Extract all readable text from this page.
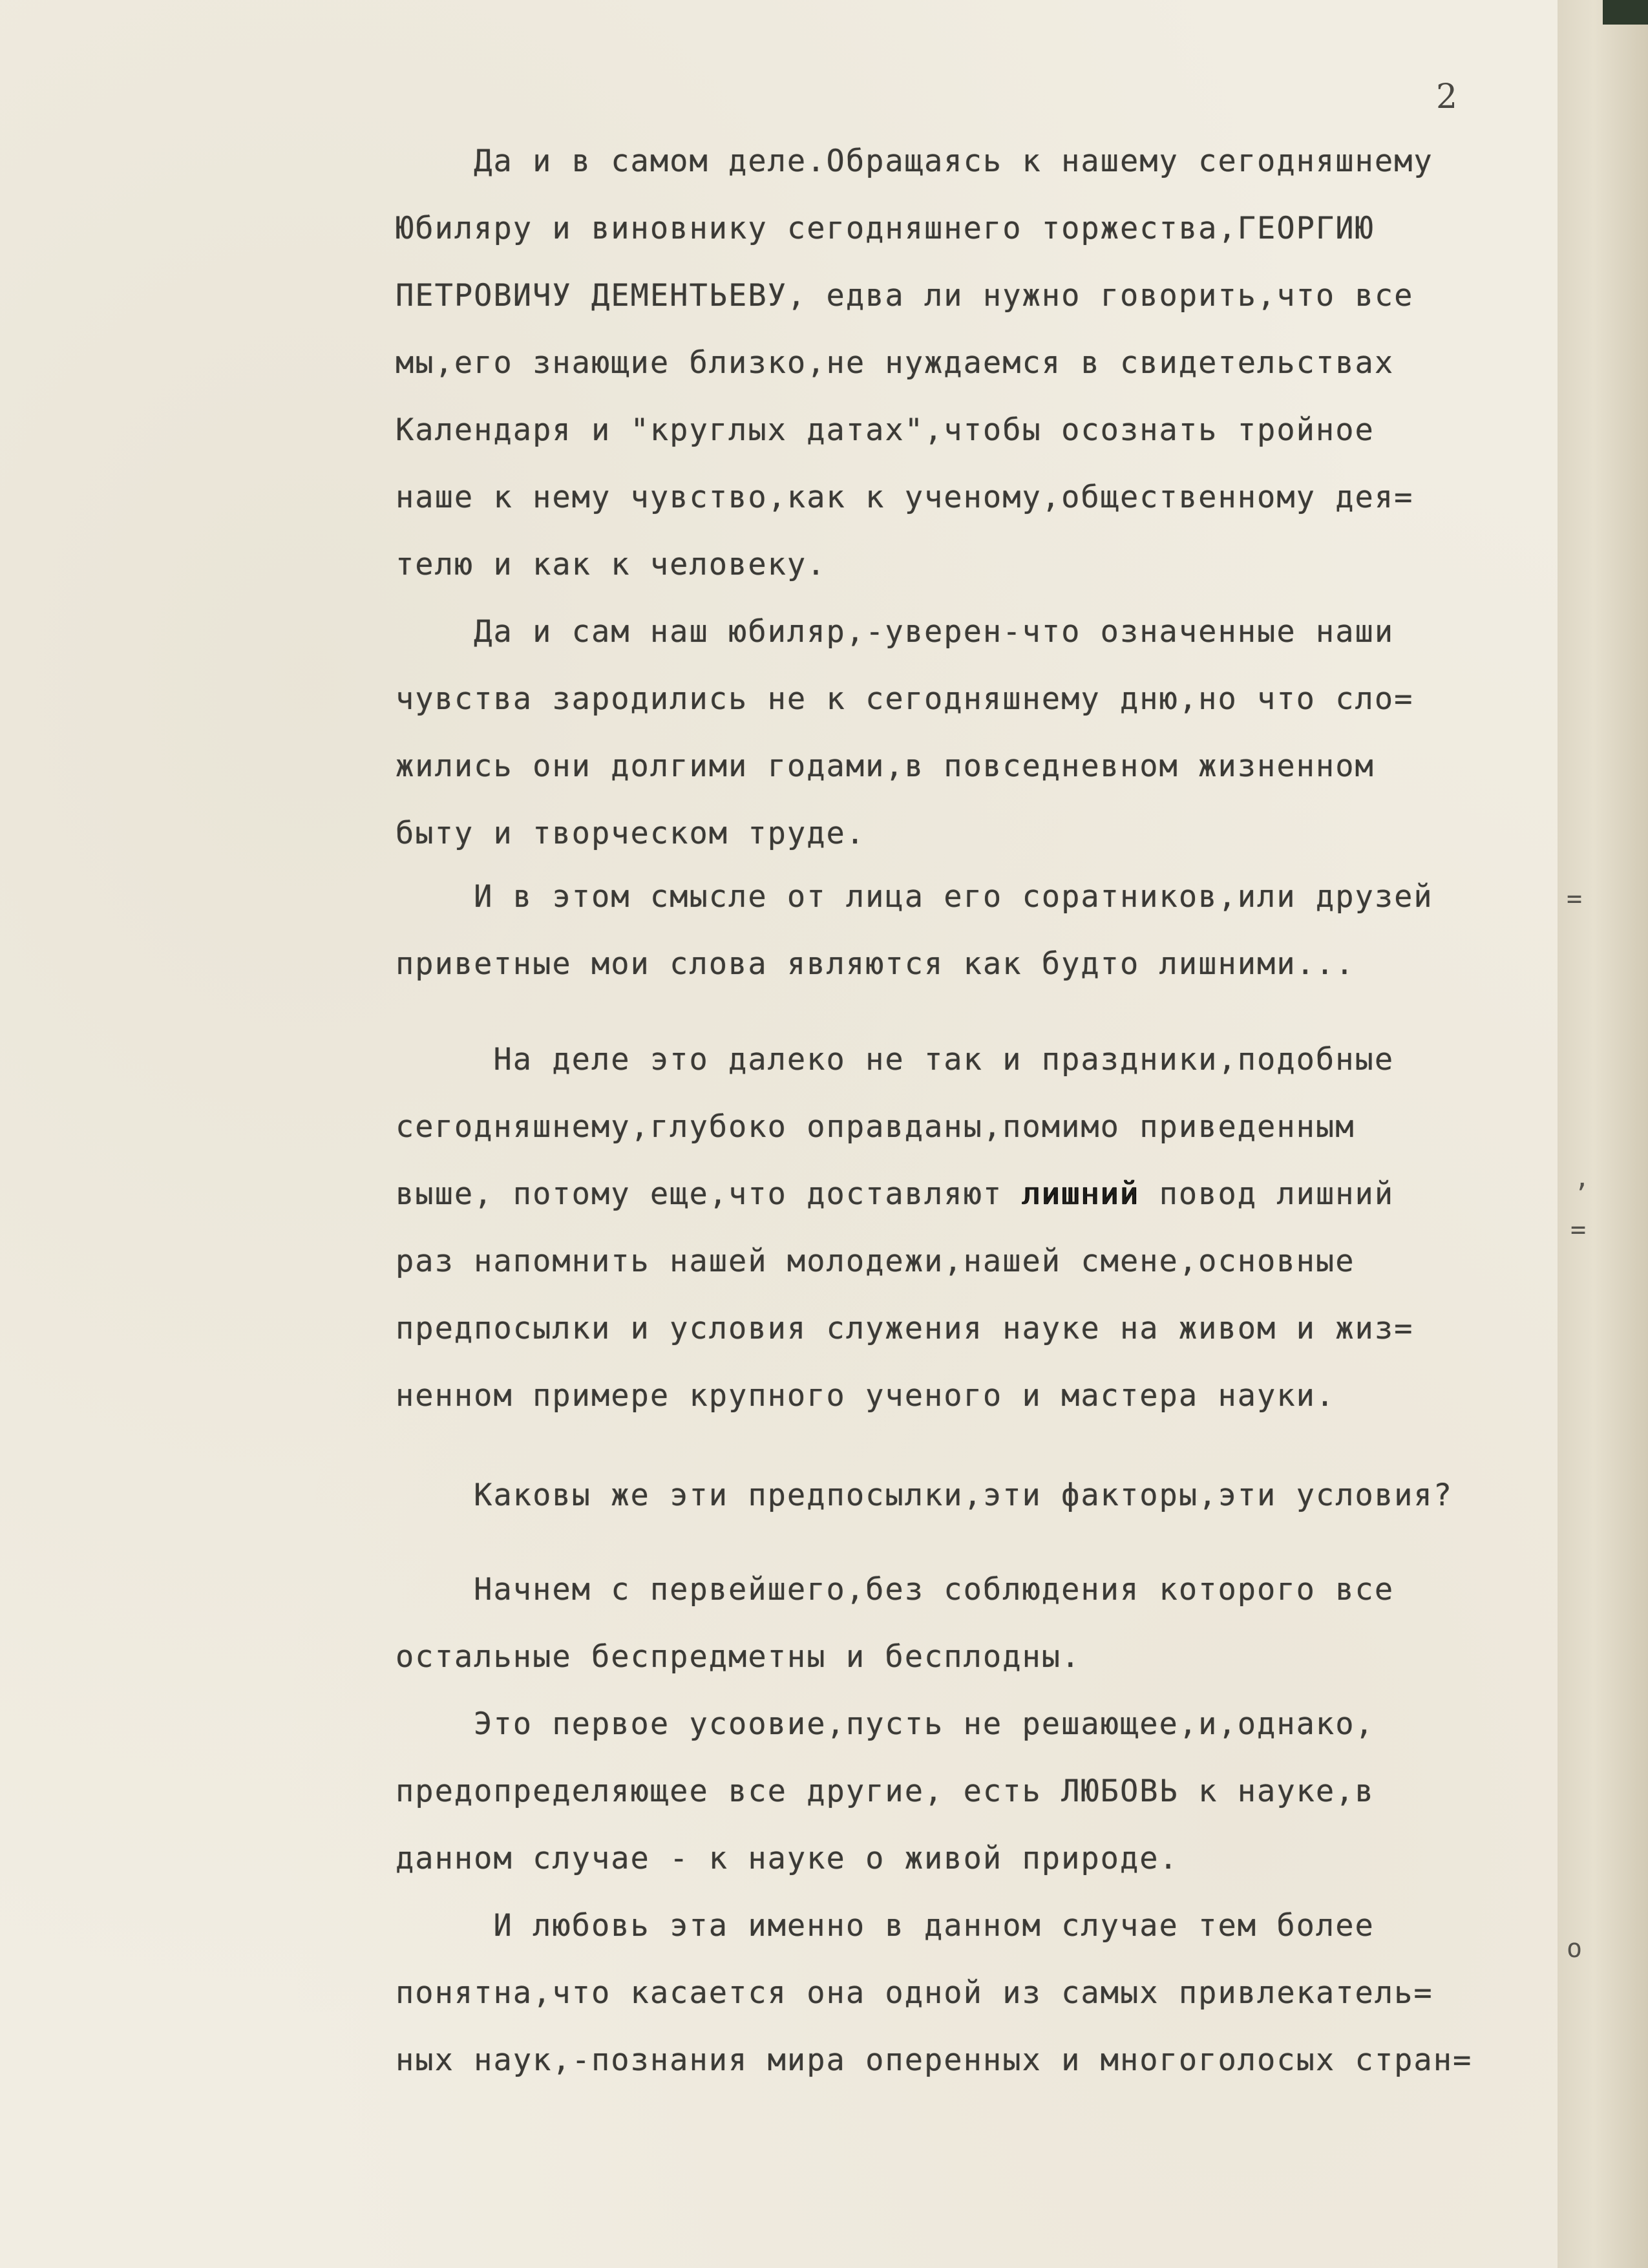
2
Да и в самом деле.Обращаясь к нашему сегодняшнему
Юбиляру и виновнику сегодняшнего торжества,ГЕОРГИЮ
ПЕТРОВИЧУ ДЕМЕНТЬЕВУ, едва ли нужно говорить,что все
мы,его знающие близко,не нуждаемся в свидетельствах
Календаря и "круглых датах",чтобы осознать тройное
наше к нему чувство,как к ученому,общественному дея=
телю и как к человеку.
Да и сам наш юбиляр,-уверен-что означенные наши
чувства зародились не к сегодняшнему дню,но что сло=
жились они долгими годами,в повседневном жизненном
быту и творческом труде.
И в этом смысле от лица его соратников,или друзей
приветные мои слова являются как будто лишними...
На деле это далеко не так и праздники,подобные
сегодняшнему,глубоко оправданы,помимо приведенным
выше, потому еще,что доставляют лишний повод лишний
раз напомнить нашей молодежи,нашей смене,основные
предпосылки и условия служения науке на живом и жиз=
ненном примере крупного ученого и мастера науки.
Каковы же эти предпосылки,эти факторы,эти условия?
Начнем с первейшего,без соблюдения которого все
остальные беспредметны и бесплодны.
Это первое усоовие,пусть не решающее,и,однако,
предопределяющее все другие, есть ЛЮБОВЬ к науке,в
данном случае - к науке о живой природе.
И любовь эта именно в данном случае тем более
понятна,что касается она одной из самых привлекатель=
ных наук,-познания мира оперенных и многоголосых стран=
=
,
=
о
